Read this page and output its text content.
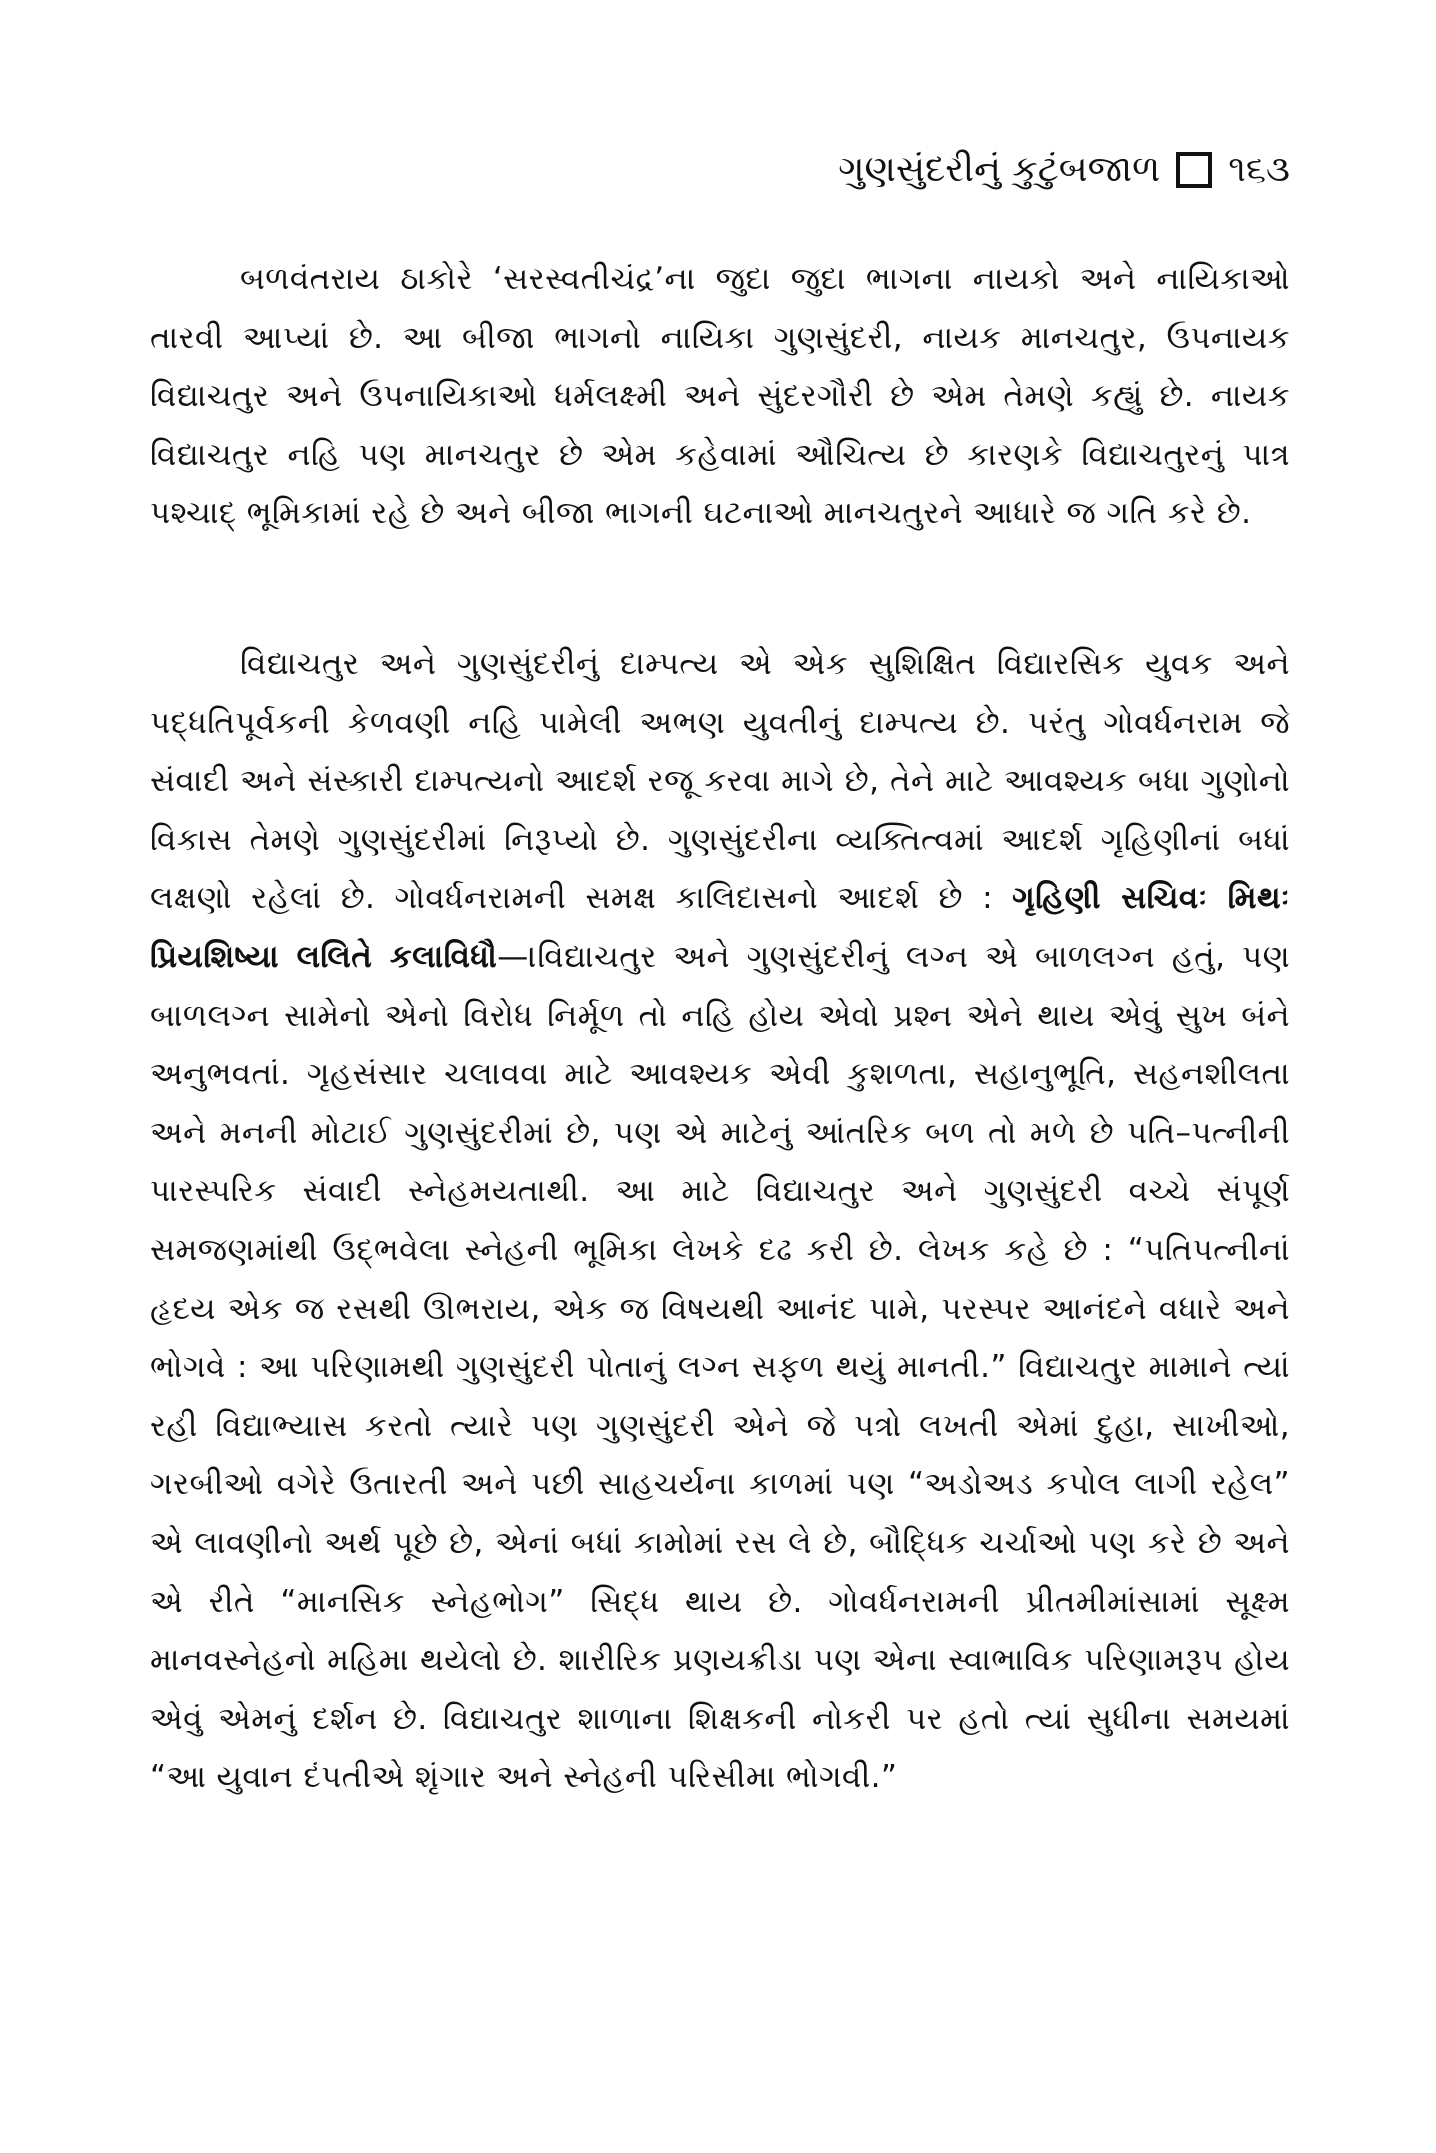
ગુણસુંદરીનું કુટુંબજાળ ૧૬૩

બળવંતરાય ઠાકોરે ‘સરસ્વતીચંદ્ર’ના જુદા જુદા ભાગના નાયકો અને નાયિકાઓ તારવી આપ્યાં છે. આ બીજા ભાગનો નાયિકા ગુણસુંદરી, નાયક માનચતુર, ઉપનાયક વિદ્યાચતુર અને ઉપનાયિકાઓ ધર્મલક્ષ્મી અને સુંદરગૌરી છે એમ તેમણે કહ્યું છે. નાયક વિદ્યાચતુર નહિ પણ માનચતુર છે એમ કહેવામાં ઔચિત્ય છે કારણકે વિદ્યાચતુરનું પાત્ર પશ્ચાદ્ ભૂમિકામાં રહે છે અને બીજા ભાગની ઘટનાઓ માનચતુરને આધારે જ ગતિ કરે છે.

વિદ્યાચતુર અને ગુણસુંદરીનું દામ્પત્ય એ એક સુશિક્ષિત વિદ્યારસિક યુવક અને પદ્ધતિપૂર્વકની કેળવણી નહિ પામેલી અભણ યુવતીનું દામ્પત્ય છે. પરંતુ ગોવર્ધનરામ જે સંવાદી અને સંસ્કારી દામ્પત્યનો આદર્શ રજૂ કરવા માગે છે, તેને માટે આવશ્યક બધા ગુણોનો વિકાસ તેમણે ગુણસુંદરીમાં નિરૂપ્યો છે. ગુણસુંદરીના વ્યક્તિત્વમાં આદર્શ ગૃહિણીનાં બધાં લક્ષણો રહેલાં છે. ગોવર્ધનરામની સમક્ષ કાલિદાસનો આદર્શ છે : ગૃહિણી સચિવઃ મિથઃ પ્રિયશિષ્યા લલિતે કલાવિધૌ—।વિદ્યાચતુર અને ગુણસુંદરીનું લગ્ન એ બાળલગ્ન હતું, પણ બાળલગ્ન સામેનો એનો વિરોધ નિર્મૂળ તો નહિ હોય એવો પ્રશ્ન એને થાય એવું સુખ બંને અનુભવતાં. ગૃહસંસાર ચલાવવા માટે આવશ્યક એવી કુશળતા, સહાનુભૂતિ, સહનશીલતા અને મનની મોટાઈ ગુણસુંદરીમાં છે, પણ એ માટેનું આંતરિક બળ તો મળે છે પતિ–પત્નીની પારસ્પરિક સંવાદી સ્નેહમયતાથી. આ માટે વિદ્યાચતુર અને ગુણસુંદરી વચ્ચે સંપૂર્ણ સમજણમાંથી ઉદ્‌ભવેલા સ્નેહની ભૂમિકા લેખકે દઢ કરી છે. લેખક કહે છે : “પતિપત્નીનાં હૃદય એક જ રસથી ઊભરાય, એક જ વિષયથી આનંદ પામે, પરસ્પર આનંદને વધારે અને ભોગવે : આ પરિણામથી ગુણસુંદરી પોતાનું લગ્ન સફળ થયું માનતી.” વિદ્યાચતુર મામાને ત્યાં રહી વિદ્યાભ્યાસ કરતો ત્યારે પણ ગુણસુંદરી એને જે પત્રો લખતી એમાં દુહા, સાખીઓ, ગરબીઓ વગેરે ઉતારતી અને પછી સાહચર્યના કાળમાં પણ “અડોઅડ કપોલ લાગી રહેલ” એ લાવણીનો અર્થ પૂછે છે, એનાં બધાં કામોમાં રસ લે છે, બૌદ્ધિક ચર્ચાઓ પણ કરે છે અને એ રીતે “માનસિક સ્નેહભોગ” સિદ્ધ થાય છે. ગોવર્ધનરામની પ્રીતમીમાંસામાં સૂક્ષ્મ માનવસ્નેહનો મહિમા થયેલો છે. શારીરિક પ્રણયક્રીડા પણ એના સ્વાભાવિક પરિણામરૂપ હોય એવું એમનું દર્શન છે. વિદ્યાચતુર શાળાના શિક્ષકની નોકરી પર હતો ત્યાં સુધીના સમયમાં “આ યુવાન દંપતીએ શૃંગાર અને સ્નેહની પરિસીમા ભોગવી.”
